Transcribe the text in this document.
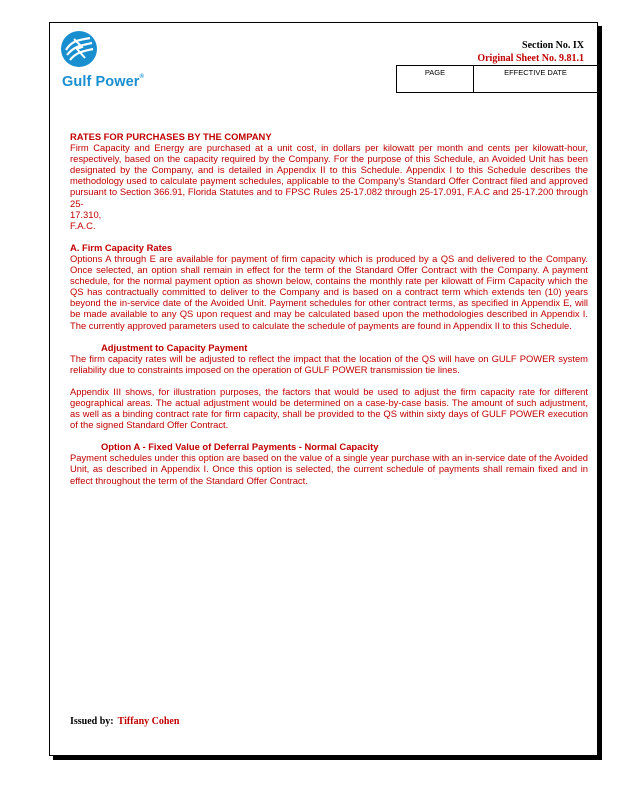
Gulf Power®
Section No. IX
Original Sheet No. 9.81.1
PAGE	EFFECTIVE DATE
RATES FOR PURCHASES BY THE COMPANY

Firm Capacity and Energy are purchased at a unit cost, in dollars per kilowatt per month and cents per kilowatt-hour, respectively, based on the capacity required by the Company. For the purpose of this Schedule, an Avoided Unit has been designated by the Company, and is detailed in Appendix II to this Schedule. Appendix I to this Schedule describes the methodology used to calculate payment schedules, applicable to the Company's Standard Offer Contract filed and approved pursuant to Section 366.91, Florida Statutes and to FPSC Rules 25-17.082 through 25-17.091, F.A.C and 25-17.200 through 25-
17.310,
F.A.C.

A. Firm Capacity Rates

Options A through E are available for payment of firm capacity which is produced by a QS and delivered to the Company. Once selected, an option shall remain in effect for the term of the Standard Offer Contract with the Company. A payment schedule, for the normal payment option as shown below, contains the monthly rate per kilowatt of Firm Capacity which the QS has contractually committed to deliver to the Company and is based on a contract term which extends ten (10) years beyond the in-service date of the Avoided Unit. Payment schedules for other contract terms, as specified in Appendix E, will be made available to any QS upon request and may be calculated based upon the methodologies described in Appendix I. The currently approved parameters used to calculate the schedule of payments are found in Appendix II to this Schedule.

Adjustment to Capacity Payment

The firm capacity rates will be adjusted to reflect the impact that the location of the QS will have on GULF POWER system reliability due to constraints imposed on the operation of GULF POWER transmission tie lines.

Appendix III shows, for illustration purposes, the factors that would be used to adjust the firm capacity rate for different geographical areas. The actual adjustment would be determined on a case-by-case basis. The amount of such adjustment, as well as a binding contract rate for firm capacity, shall be provided to the QS within sixty days of GULF POWER execution of the signed Standard Offer Contract.

Option A - Fixed Value of Deferral Payments - Normal Capacity

Payment schedules under this option are based on the value of a single year purchase with an in-service date of the Avoided Unit, as described in Appendix I. Once this option is selected, the current schedule of payments shall remain fixed and in effect throughout the term of the Standard Offer Contract.

Issued by: Tiffany Cohen
